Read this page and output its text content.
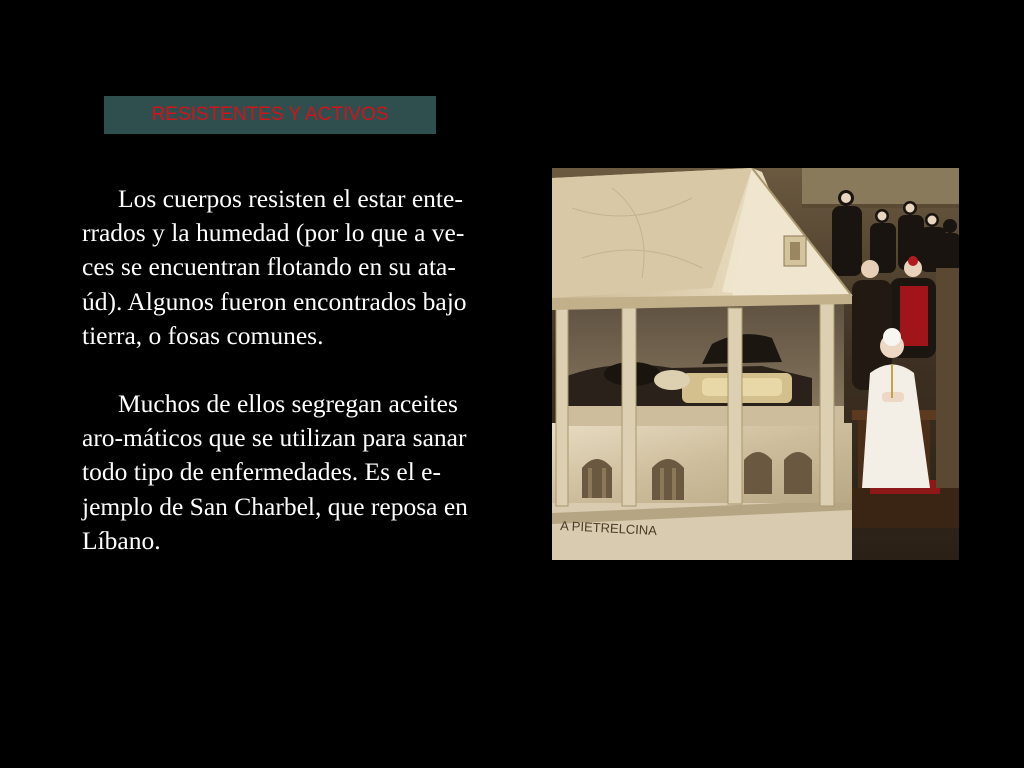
RESISTENTES Y ACTIVOS

Los cuerpos resisten el estar ente-
rrados y la humedad (por lo que a ve-
ces se encuentran flotando en su ata-
úd). Algunos fueron encontrados bajo
tierra, o fosas comunes.

Muchos de ellos segregan aceites
aro-máticos que se utilizan para sanar
todo tipo de enfermedades. Es el e-
jemplo de San Charbel, que reposa en
Líbano.	A PIETRELCINA
